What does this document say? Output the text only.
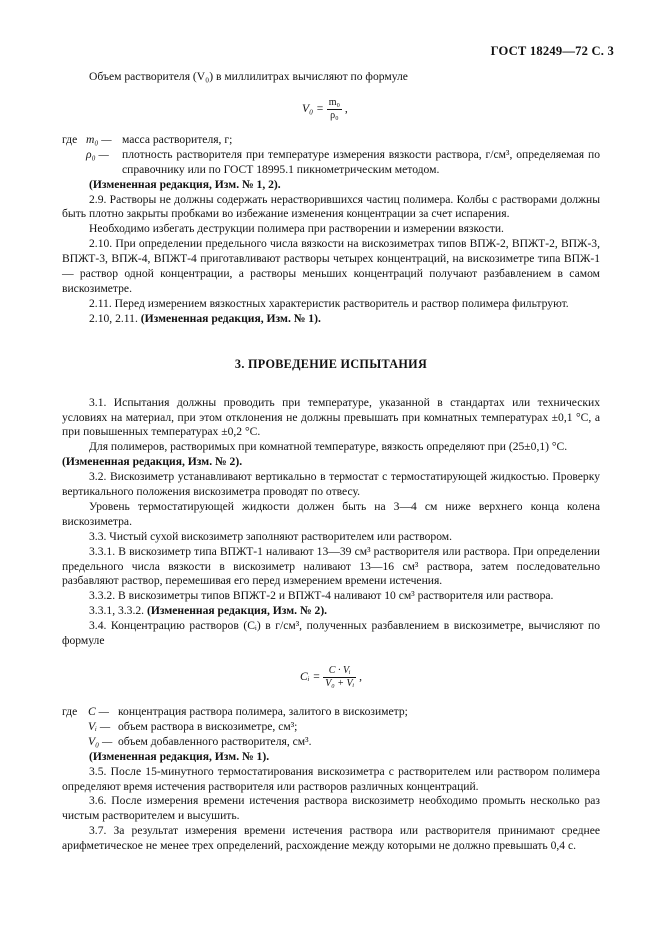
ГОСТ 18249—72 С. 3

Объем растворителя (V₀) в миллилитрах вычисляют по формуле

$V_0 = \frac{\text{m₀}}{\text{ρ₀}}$ ,
где m₀ — масса растворителя, г;
ρ₀ —	плотность растворителя при температуре измерения вязкости раствора, г/см³, определяемая по справочнику или по ГОСТ 18995.1 пикнометрическим методом.

(Измененная редакция, Изм. № 1, 2).

2.9. Растворы не должны содержать нерастворившихся частиц полимера. Колбы с растворами должны быть плотно закрыты пробками во избежание изменения концентрации за счет испарения.

Необходимо избегать деструкции полимера при растворении и измерении вязкости.

2.10. При определении предельного числа вязкости на вискозиметрах типов ВПЖ-2, ВПЖТ-2, ВПЖ-3, ВПЖТ-3, ВПЖ-4, ВПЖТ-4 приготавливают растворы четырех концентраций, на вискозиметре типа ВПЖ-1 — раствор одной концентрации, а растворы меньших концентраций получают разбавлением в самом вискозиметре.

2.11. Перед измерением вязкостных характеристик растворитель и раствор полимера фильтруют.

2.10, 2.11. (Измененная редакция, Изм. № 1).

3. ПРОВЕДЕНИЕ ИСПЫТАНИЯ

3.1. Испытания должны проводить при температуре, указанной в стандартах или технических условиях на материал, при этом отклонения не должны превышать при комнатных температурах ±0,1 °С, а при повышенных температурах ±0,2 °С.

Для полимеров, растворимых при комнатной температуре, вязкость определяют при (25±0,1) °С.

(Измененная редакция, Изм. № 2).

3.2. Вискозиметр устанавливают вертикально в термостат с термостатирующей жидкостью. Проверку вертикального положения вискозиметра проводят по отвесу.

Уровень термостатирующей жидкости должен быть на 3—4 см ниже верхнего конца колена вискозиметра.

3.3. Чистый сухой вискозиметр заполняют растворителем или раствором.

3.3.1. В вискозиметр типа ВПЖТ-1 наливают 13—39 см³ растворителя или раствора. При определении предельного числа вязкости в вискозиметр наливают 13—16 см³ раствора, затем последовательно разбавляют раствор, перемешивая его перед измерением времени истечения.

3.3.2. В вискозиметры типов ВПЖТ-2 и ВПЖТ-4 наливают 10 см³ растворителя или раствора.

3.3.1, 3.3.2. (Измененная редакция, Изм. № 2).

3.4. Концентрацию растворов (Cᵢ) в г/см³, полученных разбавлением в вискозиметре, вычисляют по формуле

Cᵢ = $\frac{\text{C · Vᵢ}}{\text{V₀ + Vᵢ}}$ ,
где C — концентрация раствора полимера, залитого в вискозиметр;
Vᵢ — объем раствора в вискозиметре, см³;
V₀ — объем добавленного растворителя, см³.

(Измененная редакция, Изм. № 1).

3.5. После 15-минутного термостатирования вискозиметра с растворителем или раствором полимера определяют время истечения растворителя или растворов различных концентраций.

3.6. После измерения времени истечения раствора вискозиметр необходимо промыть несколько раз чистым растворителем и высушить.

3.7. За результат измерения времени истечения раствора или растворителя принимают среднее арифметическое не менее трех определений, расхождение между которыми не должно превышать 0,4 с.
